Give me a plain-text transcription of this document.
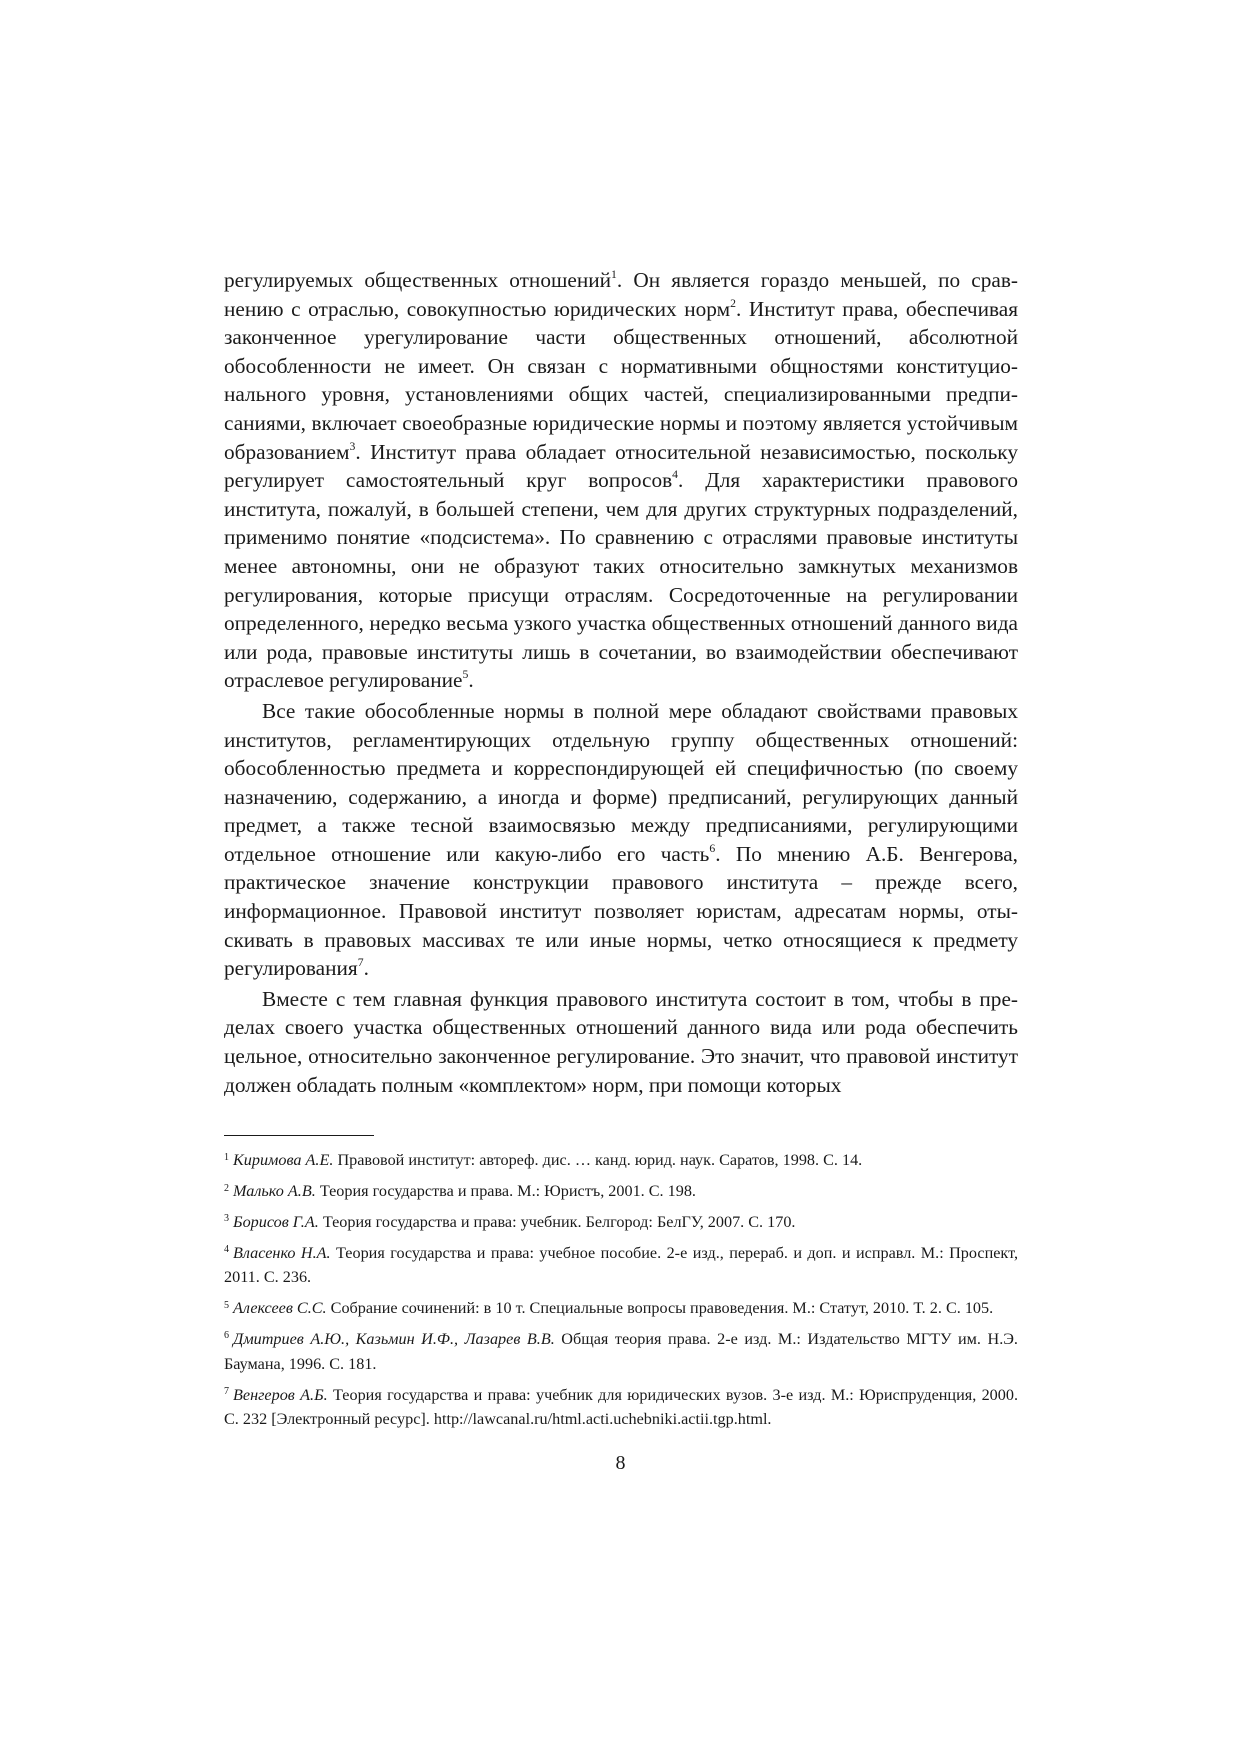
регулируемых общественных отношений$^1$. Он является гораздо меньшей, по сравнению с отраслью, совокупностью юридических норм$^2$. Институт права, обеспечивая законченное урегулирование части общественных отношений, абсолютной обособленности не имеет. Он связан с нормативными общностями конституционального уровня, установлениями общих частей, специализированными предписаниями, включает своеобразные юридические нормы и поэтому является устойчивым образованием$^3$. Институт права обладает относительной независимостью, поскольку регулирует самостоятельный круг вопросов$^4$. Для характеристики правового института, пожалуй, в большей степени, чем для других структурных подразделений, применимо понятие «подсистема». По сравнению с отраслями правовые институты менее автономны, они не образуют таких относительно замкнутых механизмов регулирования, которые присущи отраслям. Сосредоточенные на регулировании определенного, нередко весьма узкого участка общественных отношений данного вида или рода, правовые институты лишь в сочетании, во взаимодействии обеспечивают отраслевое регулирование$^5$.

Все такие обособленные нормы в полной мере обладают свойствами правовых институтов, регламентирующих отдельную группу общественных отношений: обособленностью предмета и корреспондирующей ей специфичностью (по своему назначению, содержанию, а иногда и форме) предписаний, регулирующих данный предмет, а также тесной взаимосвязью между предписаниями, регулирующими отдельное отношение или какую-либо его часть$^6$. По мнению А.Б. Венгерова, практическое значение конструкции правового института – прежде всего, информационное. Правовой институт позволяет юристам, адресатам нормы, отыскивать в правовых массивах те или иные нормы, четко относящиеся к предмету регулирования$^7$.

Вместе с тем главная функция правового института состоит в том, чтобы в пределах своего участка общественных отношений данного вида или рода обеспечить цельное, относительно законченное регулирование. Это значит, что правовой институт должен обладать полным «комплектом» норм, при помощи которых

$^1$ Киримова А.Е. Правовой институт: автореф. дис. … канд. юрид. наук. Саратов, 1998. С. 14.
$^2$ Малько А.В. Теория государства и права. М.: Юристъ, 2001. С. 198.
$^3$ Борисов Г.А. Теория государства и права: учебник. Белгород: БелГУ, 2007. С. 170.
$^4$ Власенко Н.А. Теория государства и права: учебное пособие. 2-е изд., перераб. и доп. и исправл. М.: Проспект, 2011. С. 236.
$^5$ Алексеев С.С. Собрание сочинений: в 10 т. Специальные вопросы правоведения. М.: Статут, 2010. Т. 2. С. 105.
$^6$ Дмитриев А.Ю., Казьмин И.Ф., Лазарев В.В. Общая теория права. 2-е изд. М.: Издательство МГТУ им. Н.Э. Баумана, 1996. С. 181.
$^7$ Венгеров А.Б. Теория государства и права: учебник для юридических вузов. 3-е изд. М.: Юриспруденция, 2000. С. 232 [Электронный ресурс]. http://lawcanal.ru/html.acti.uchebniki.actii.tgp.html.
8
